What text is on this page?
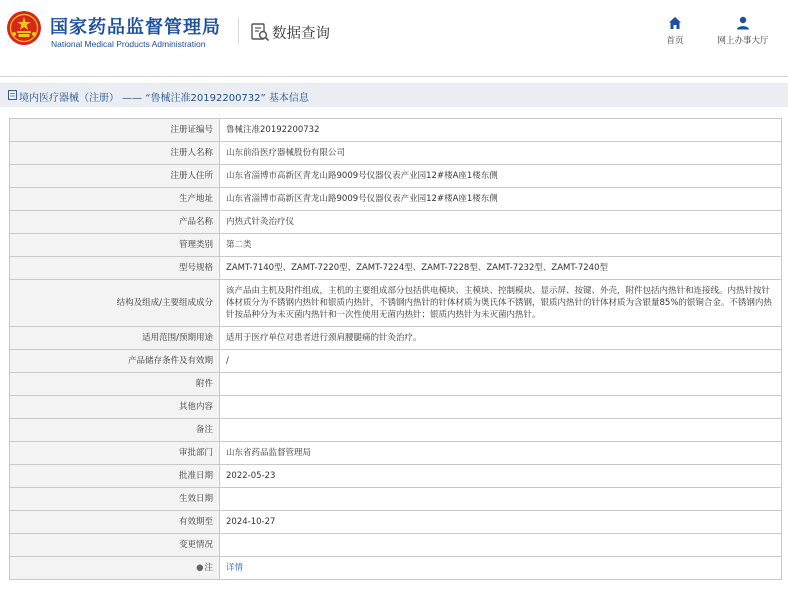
国家药品监督管理局
National Medical Products Administration
数据查询	首页	网上办事大厅
境内医疗器械（注册） —— “鲁械注准20192200732” 基本信息
注册证编号	鲁械注准20192200732
注册人名称	山东前沿医疗器械股份有限公司
注册人住所	山东省淄博市高新区青龙山路9009号仪器仪表产业园12#楼A座1楼东侧
生产地址	山东省淄博市高新区青龙山路9009号仪器仪表产业园12#楼A座1楼东侧
产品名称	内热式针灸治疗仪
管理类别	第二类
型号规格	ZAMT-7140型、ZAMT-7220型、ZAMT-7224型、ZAMT-7228型、ZAMT-7232型、ZAMT-7240型
结构及组成/主要组成成分	该产品由主机及附件组成，主机的主要组成部分包括供电模块、主模块、控制模块、显示屏、按键、外壳，附件包括内热针和连接线。内热针按针体材质分为不锈钢内热针和银质内热针，不锈钢内热针的针体材质为奥氏体不锈钢，银质内热针的针体材质为含银量85%的银铜合金。不锈钢内热针按品种分为未灭菌内热针和一次性使用无菌内热针；银质内热针为未灭菌内热针。
适用范围/预期用途	适用于医疗单位对患者进行颈肩腰腿痛的针灸治疗。
产品储存条件及有效期	/
附件	
其他内容	
备注	
审批部门	山东省药品监督管理局
批准日期	2022-05-23
生效日期	
有效期至	2024-10-27
变更情况	
●注	详情
